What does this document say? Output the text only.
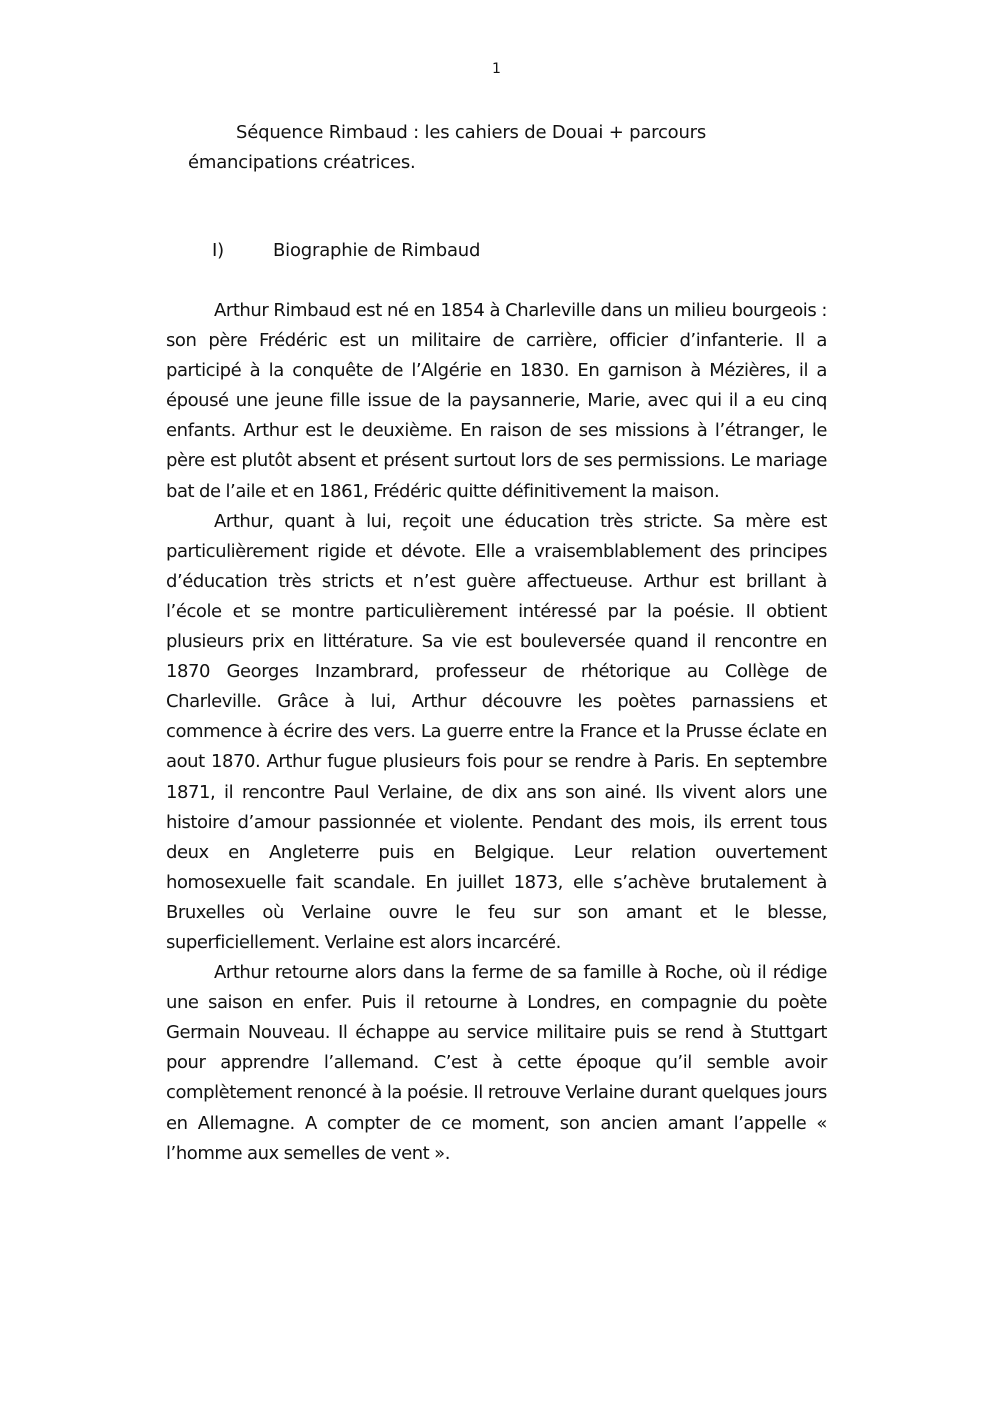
1
Séquence Rimbaud : les cahiers de Douai + parcours émancipations créatrices.
I)	Biographie de Rimbaud

Arthur Rimbaud est né en 1854 à Charleville dans un milieu bourgeois : son père Frédéric est un militaire de carrière, officier d’infanterie. Il a participé à la conquête de l’Algérie en 1830. En garnison à Mézières, il a épousé une jeune fille issue de la paysannerie, Marie, avec qui il a eu cinq enfants. Arthur est le deuxième. En raison de ses missions à l’étranger, le père est plutôt absent et présent surtout lors de ses permissions. Le mariage bat de l’aile et en 1861, Frédéric quitte définitivement la maison.

Arthur, quant à lui, reçoit une éducation très stricte. Sa mère est particulièrement rigide et dévote. Elle a vraisemblablement des principes d’éducation très stricts et n’est guère affectueuse. Arthur est brillant à l’école et se montre particulièrement intéressé par la poésie. Il obtient plusieurs prix en littérature. Sa vie est bouleversée quand il rencontre en 1870 Georges Inzambrard, professeur de rhétorique au Collège de Charleville. Grâce à lui, Arthur découvre les poètes parnassiens et commence à écrire des vers. La guerre entre la France et la Prusse éclate en aout 1870. Arthur fugue plusieurs fois pour se rendre à Paris. En septembre 1871, il rencontre Paul Verlaine, de dix ans son ainé. Ils vivent alors une histoire d’amour passionnée et violente. Pendant des mois, ils errent tous deux en Angleterre puis en Belgique. Leur relation ouvertement homosexuelle fait scandale. En juillet 1873, elle s’achève brutalement à Bruxelles où Verlaine ouvre le feu sur son amant et le blesse, superficiellement. Verlaine est alors incarcéré.

Arthur retourne alors dans la ferme de sa famille à Roche, où il rédige une saison en enfer. Puis il retourne à Londres, en compagnie du poète Germain Nouveau. Il échappe au service militaire puis se rend à Stuttgart pour apprendre l’allemand. C’est à cette époque qu’il semble avoir complètement renoncé à la poésie. Il retrouve Verlaine durant quelques jours en Allemagne. A compter de ce moment, son ancien amant l’appelle « l’homme aux semelles de vent ».
